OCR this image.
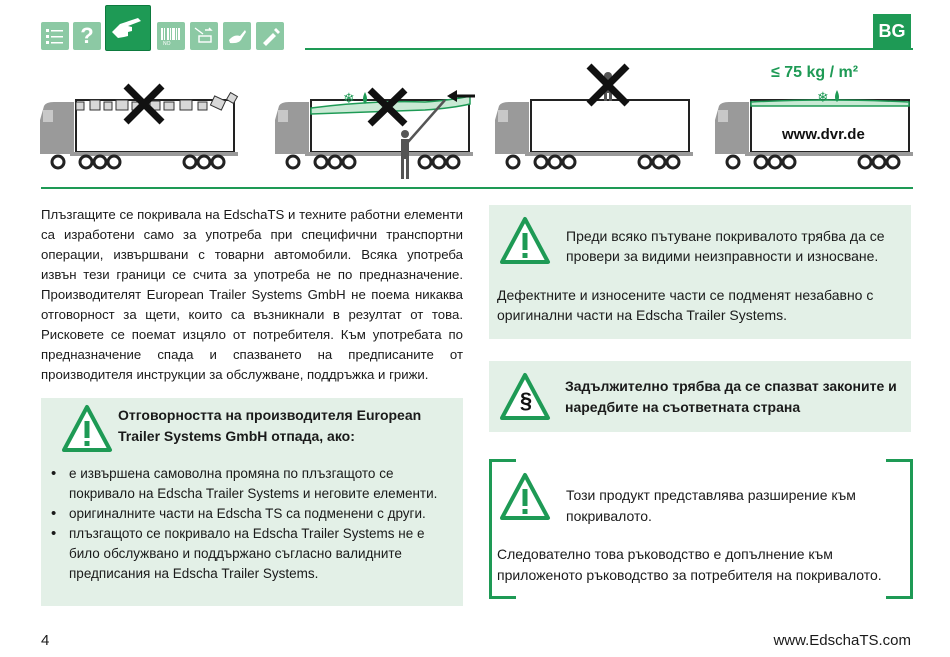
?	NO
BG
❄	❄
≤ 75 kg / m²
www.dvr.de
Плъзгащите се покривала на EdschaTS и техните работни елементи са изработени само за употреба при специфични транспортни операции, извършвани с товарни автомобили. Всяка употреба извън тези граници се счита за употреба не по предназначение. Производителят European Trailer Systems GmbH не поема никаква отговорност за щети, които са възникнали в резултат от това. Рисковете се поемат изцяло от потребителя. Към употребата по предназначение спада и спазването на предписаните от производителя инструкции за обслужване, поддръжка и грижи.
Отговорността на производителя European Trailer Systems GmbH отпада, ако:
• е извършена самоволна промяна по плъзгащото се покривало на Edscha Trailer Systems и неговите елементи.
• оригиналните части на Edscha TS са подменени с други.
• плъзгащото се покривало на Edscha Trailer Systems не е било обслужвано и поддържано съгласно валидните предписания на Edscha Trailer Systems.
Преди всяко пътуване покривалото трябва да се провери за видими неизправности и износване.
Дефектните и износените части се подменят незабавно с оригинални части на Edscha Trailer Systems.
§
Задължително трябва да се спазват законите и наредбите на съответната страна
Този продукт представлява разширение към покривалото.
Следователно това ръководство е допълнение към приложеното ръководство за потребителя на покривалото.
4	www.EdschaTS.com
